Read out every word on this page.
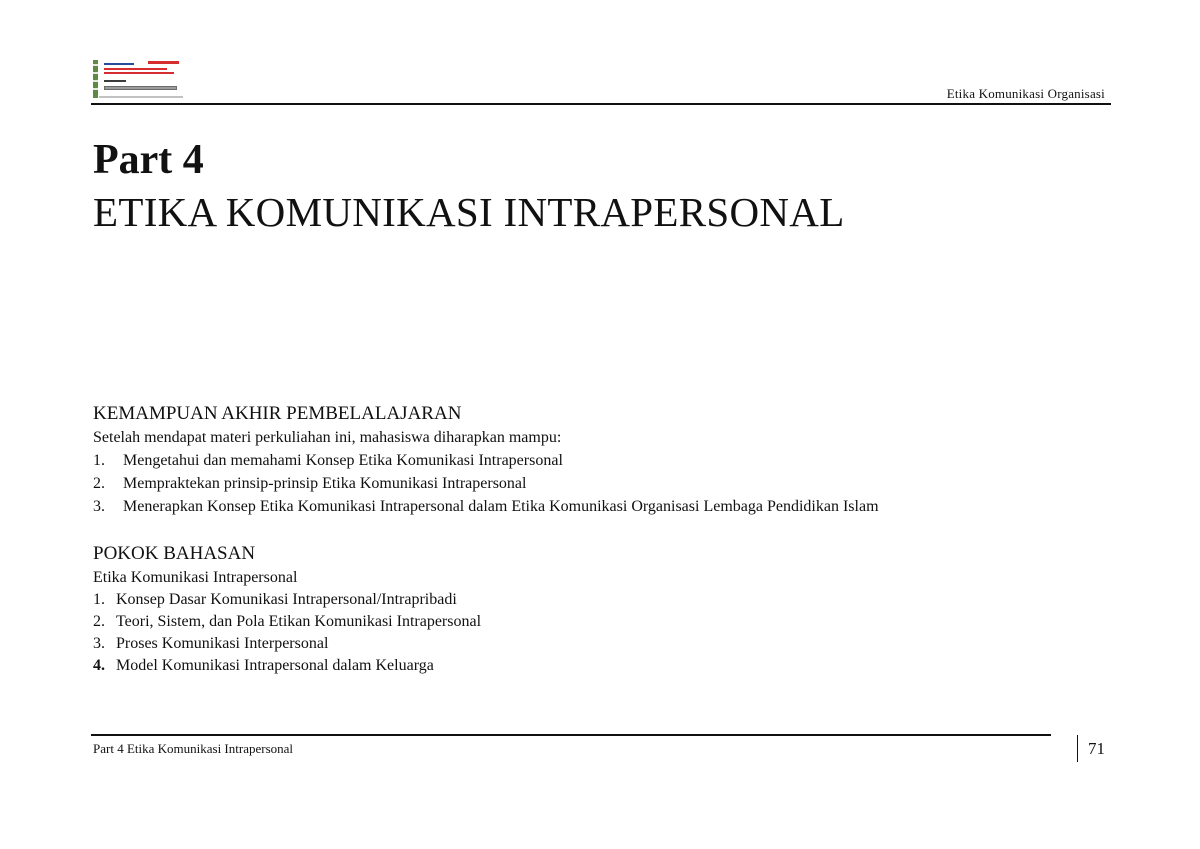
Etika Komunikasi Organisasi
Part 4
ETIKA KOMUNIKASI INTRAPERSONAL
KEMAMPUAN AKHIR PEMBELALAJARAN
Setelah mendapat materi perkuliahan ini, mahasiswa diharapkan mampu:
1.	Mengetahui dan memahami Konsep Etika Komunikasi Intrapersonal
2.	Mempraktekan prinsip-prinsip Etika Komunikasi Intrapersonal
3.	Menerapkan Konsep Etika Komunikasi Intrapersonal dalam Etika Komunikasi Organisasi Lembaga Pendidikan Islam
POKOK BAHASAN
Etika Komunikasi Intrapersonal
1. Konsep Dasar Komunikasi Intrapersonal/Intrapribadi
2. Teori, Sistem, dan Pola Etikan Komunikasi Intrapersonal
3. Proses Komunikasi Interpersonal
4. Model Komunikasi Intrapersonal dalam Keluarga
Part 4 Etika Komunikasi Intrapersonal	71
